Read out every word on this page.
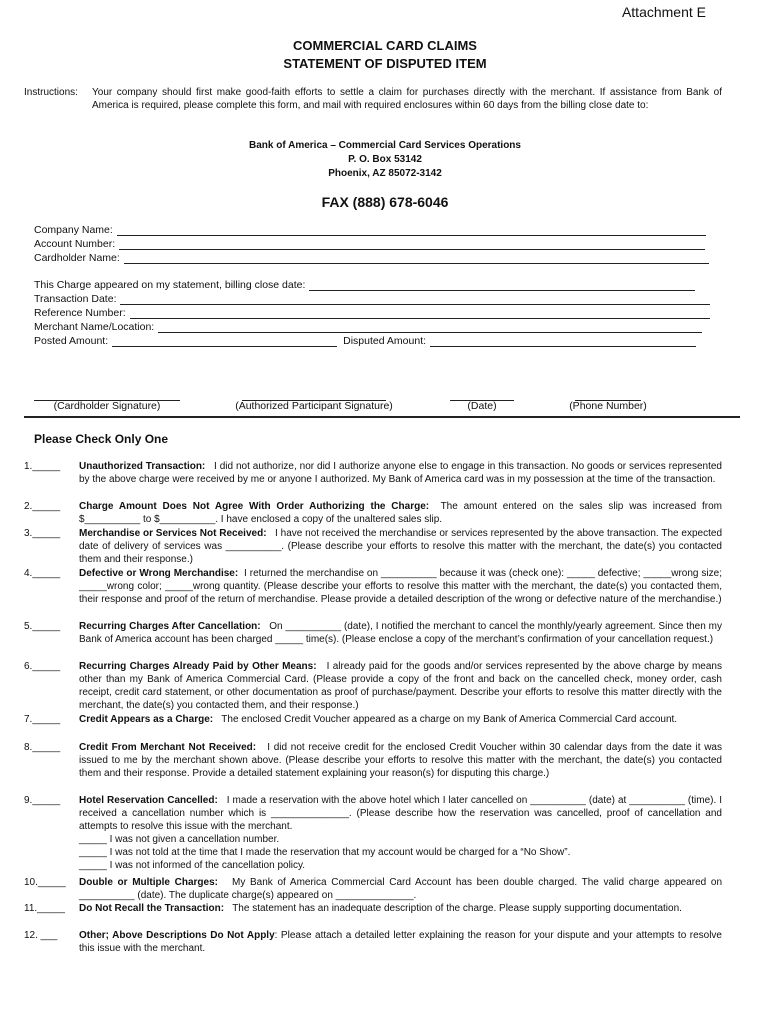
Attachment E
COMMERCIAL CARD CLAIMS
STATEMENT OF DISPUTED ITEM
Instructions: Your company should first make good-faith efforts to settle a claim for purchases directly with the merchant. If assistance from Bank of America is required, please complete this form, and mail with required enclosures within 60 days from the billing close date to:
Bank of America – Commercial Card Services Operations
P. O. Box 53142
Phoenix, AZ 85072-3142
FAX (888) 678-6046
Company Name:
Account Number:
Cardholder Name:
This Charge appeared on my statement, billing close date:
Transaction Date:
Reference Number:
Merchant Name/Location:
Posted Amount:	Disputed Amount:
(Cardholder Signature)	(Authorized Participant Signature)	(Date)	(Phone Number)
Please Check Only One
1._____	Unauthorized Transaction: I did not authorize, nor did I authorize anyone else to engage in this transaction. No goods or services represented by the above charge were received by me or anyone I authorized. My Bank of America card was in my possession at the time of the transaction.
2._____	Charge Amount Does Not Agree With Order Authorizing the Charge: The amount entered on the sales slip was increased from $__________ to $__________. I have enclosed a copy of the unaltered sales slip.
3._____	Merchandise or Services Not Received: I have not received the merchandise or services represented by the above transaction. The expected date of delivery of services was __________. (Please describe your efforts to resolve this matter with the merchant, the date(s) you contacted them and their response.)
4._____	Defective or Wrong Merchandise: I returned the merchandise on __________ because it was (check one): _____ defective; _____wrong size; _____wrong color; _____wrong quantity. (Please describe your efforts to resolve this matter with the merchant, the date(s) you contacted them, their response and proof of the return of merchandise. Please provide a detailed description of the wrong or defective nature of the merchandise.)
5._____	Recurring Charges After Cancellation: On __________ (date), I notified the merchant to cancel the monthly/yearly agreement. Since then my Bank of America account has been charged _____ time(s). (Please enclose a copy of the merchant’s confirmation of your cancellation request.)
6._____	Recurring Charges Already Paid by Other Means: I already paid for the goods and/or services represented by the above charge by means other than my Bank of America Commercial Card. (Please provide a copy of the front and back on the cancelled check, money order, cash receipt, credit card statement, or other documentation as proof of purchase/payment. Describe your efforts to resolve this matter directly with the merchant, the date(s) you contacted them, and their response.)
7._____	Credit Appears as a Charge: The enclosed Credit Voucher appeared as a charge on my Bank of America Commercial Card account.
8._____	Credit From Merchant Not Received: I did not receive credit for the enclosed Credit Voucher within 30 calendar days from the date it was issued to me by the merchant shown above. (Please describe your efforts to resolve this matter with the merchant, the date(s) you contacted them and their response. Provide a detailed statement explaining your reason(s) for disputing this charge.)
9._____	Hotel Reservation Cancelled: I made a reservation with the above hotel which I later cancelled on __________ (date) at __________ (time). I received a cancellation number which is ______________. (Please describe how the reservation was cancelled, proof of cancellation and attempts to resolve this issue with the merchant.
_____ I was not given a cancellation number.
_____ I was not told at the time that I made the reservation that my account would be charged for a “No Show”.
_____ I was not informed of the cancellation policy.
10._____	Double or Multiple Charges: My Bank of America Commercial Card Account has been double charged. The valid charge appeared on __________ (date). The duplicate charge(s) appeared on ______________.
11._____	Do Not Recall the Transaction: The statement has an inadequate description of the charge. Please supply supporting documentation.
12. ___	Other; Above Descriptions Do Not Apply: Please attach a detailed letter explaining the reason for your dispute and your attempts to resolve this issue with the merchant.
